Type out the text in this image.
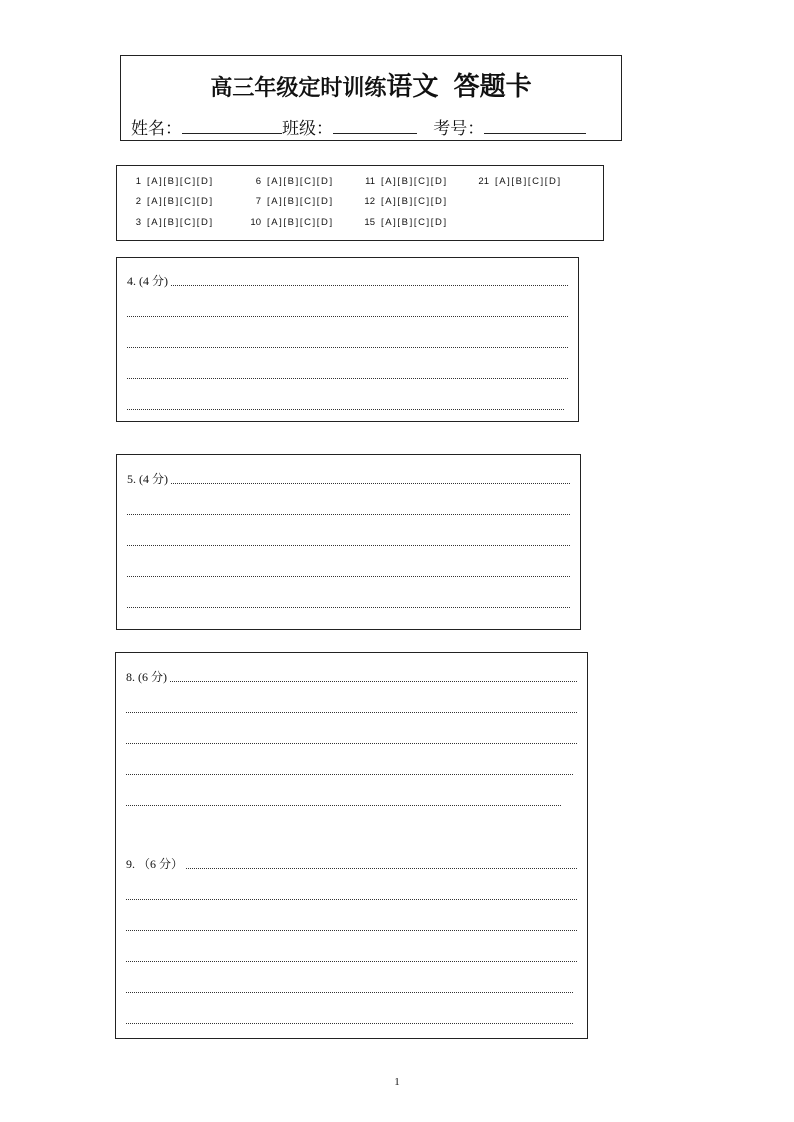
高三年级定时训练语文 答题卡
姓名：	班级：	考号：
1 [A][B][C][D]	6 [A][B][C][D]	11 [A][B][C][D]	21 [A][B][C][D]
2 [A][B][C][D]	7 [A][B][C][D]	12 [A][B][C][D]
3 [A][B][C][D]	10 [A][B][C][D]	15 [A][B][C][D]
4. (4 分)
5. (4 分)
8. (6 分)
9. （6 分）
1
